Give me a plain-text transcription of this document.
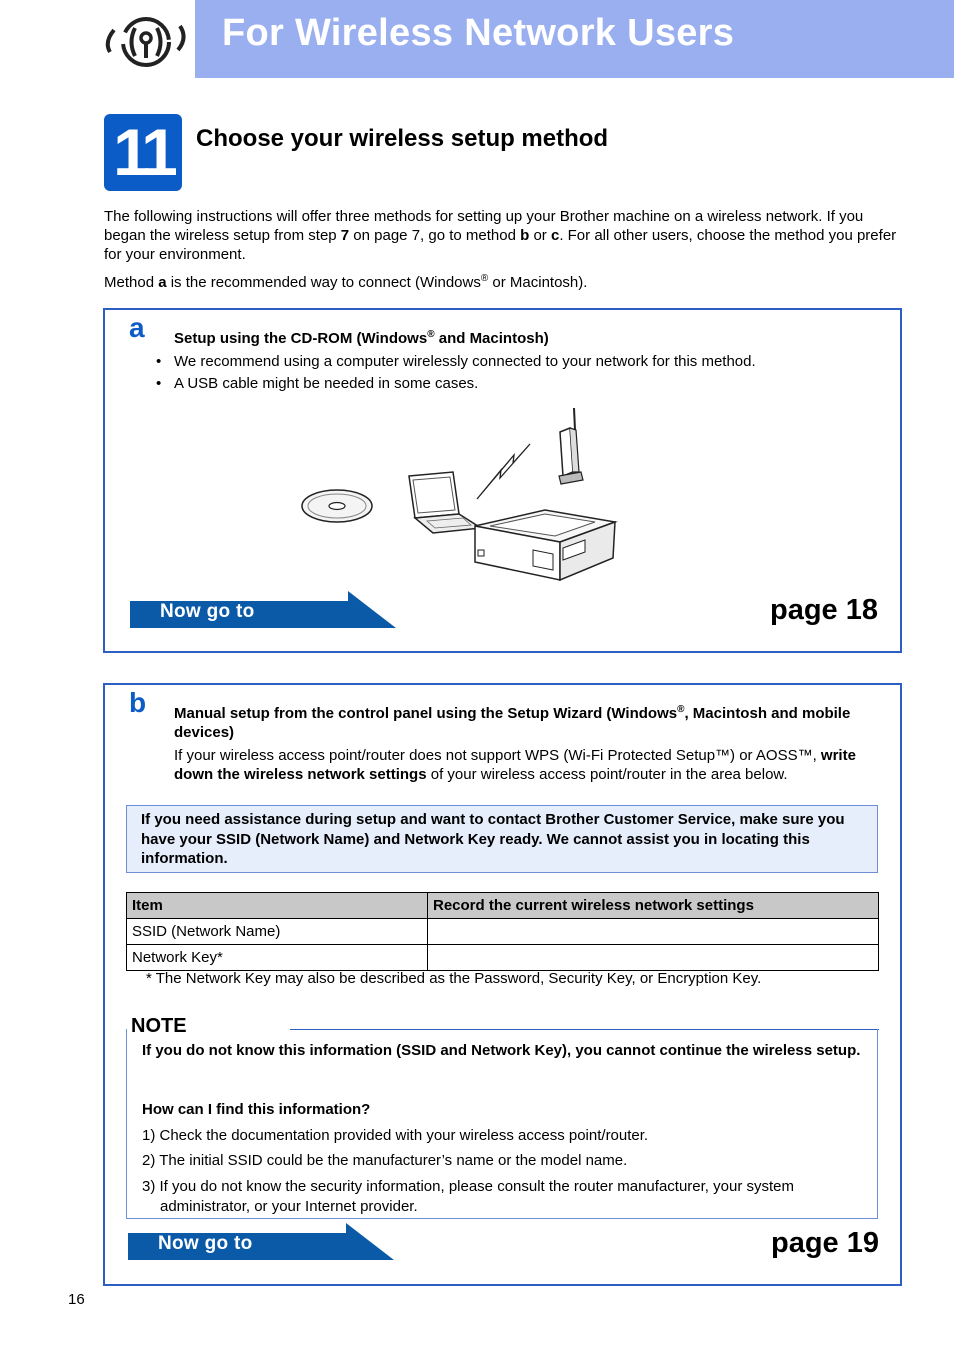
For Wireless Network Users
11 Choose your wireless setup method

The following instructions will offer three methods for setting up your Brother machine on a wireless network. If you began the wireless setup from step 7 on page 7, go to method b or c. For all other users, choose the method you prefer for your environment.

Method a is the recommended way to connect (Windows® or Macintosh).

a Setup using the CD-ROM (Windows® and Macintosh)
• We recommend using a computer wirelessly connected to your network for this method.
• A USB cable might be needed in some cases.
Now go to	page 18
b Manual setup from the control panel using the Setup Wizard (Windows®, Macintosh and mobile devices)
If your wireless access point/router does not support WPS (Wi-Fi Protected Setup™) or AOSS™, write down the wireless network settings of your wireless access point/router in the area below.
If you need assistance during setup and want to contact Brother Customer Service, make sure you have your SSID (Network Name) and Network Key ready. We cannot assist you in locating this information.
Item	Record the current wireless network settings
SSID (Network Name)	
Network Key*	
* The Network Key may also be described as the Password, Security Key, or Encryption Key.
NOTE
If you do not know this information (SSID and Network Key), you cannot continue the wireless setup.
How can I find this information?
1) Check the documentation provided with your wireless access point/router.
2) The initial SSID could be the manufacturer’s name or the model name.
3) If you do not know the security information, please consult the router manufacturer, your system administrator, or your Internet provider.
Now go to	page 19
16
